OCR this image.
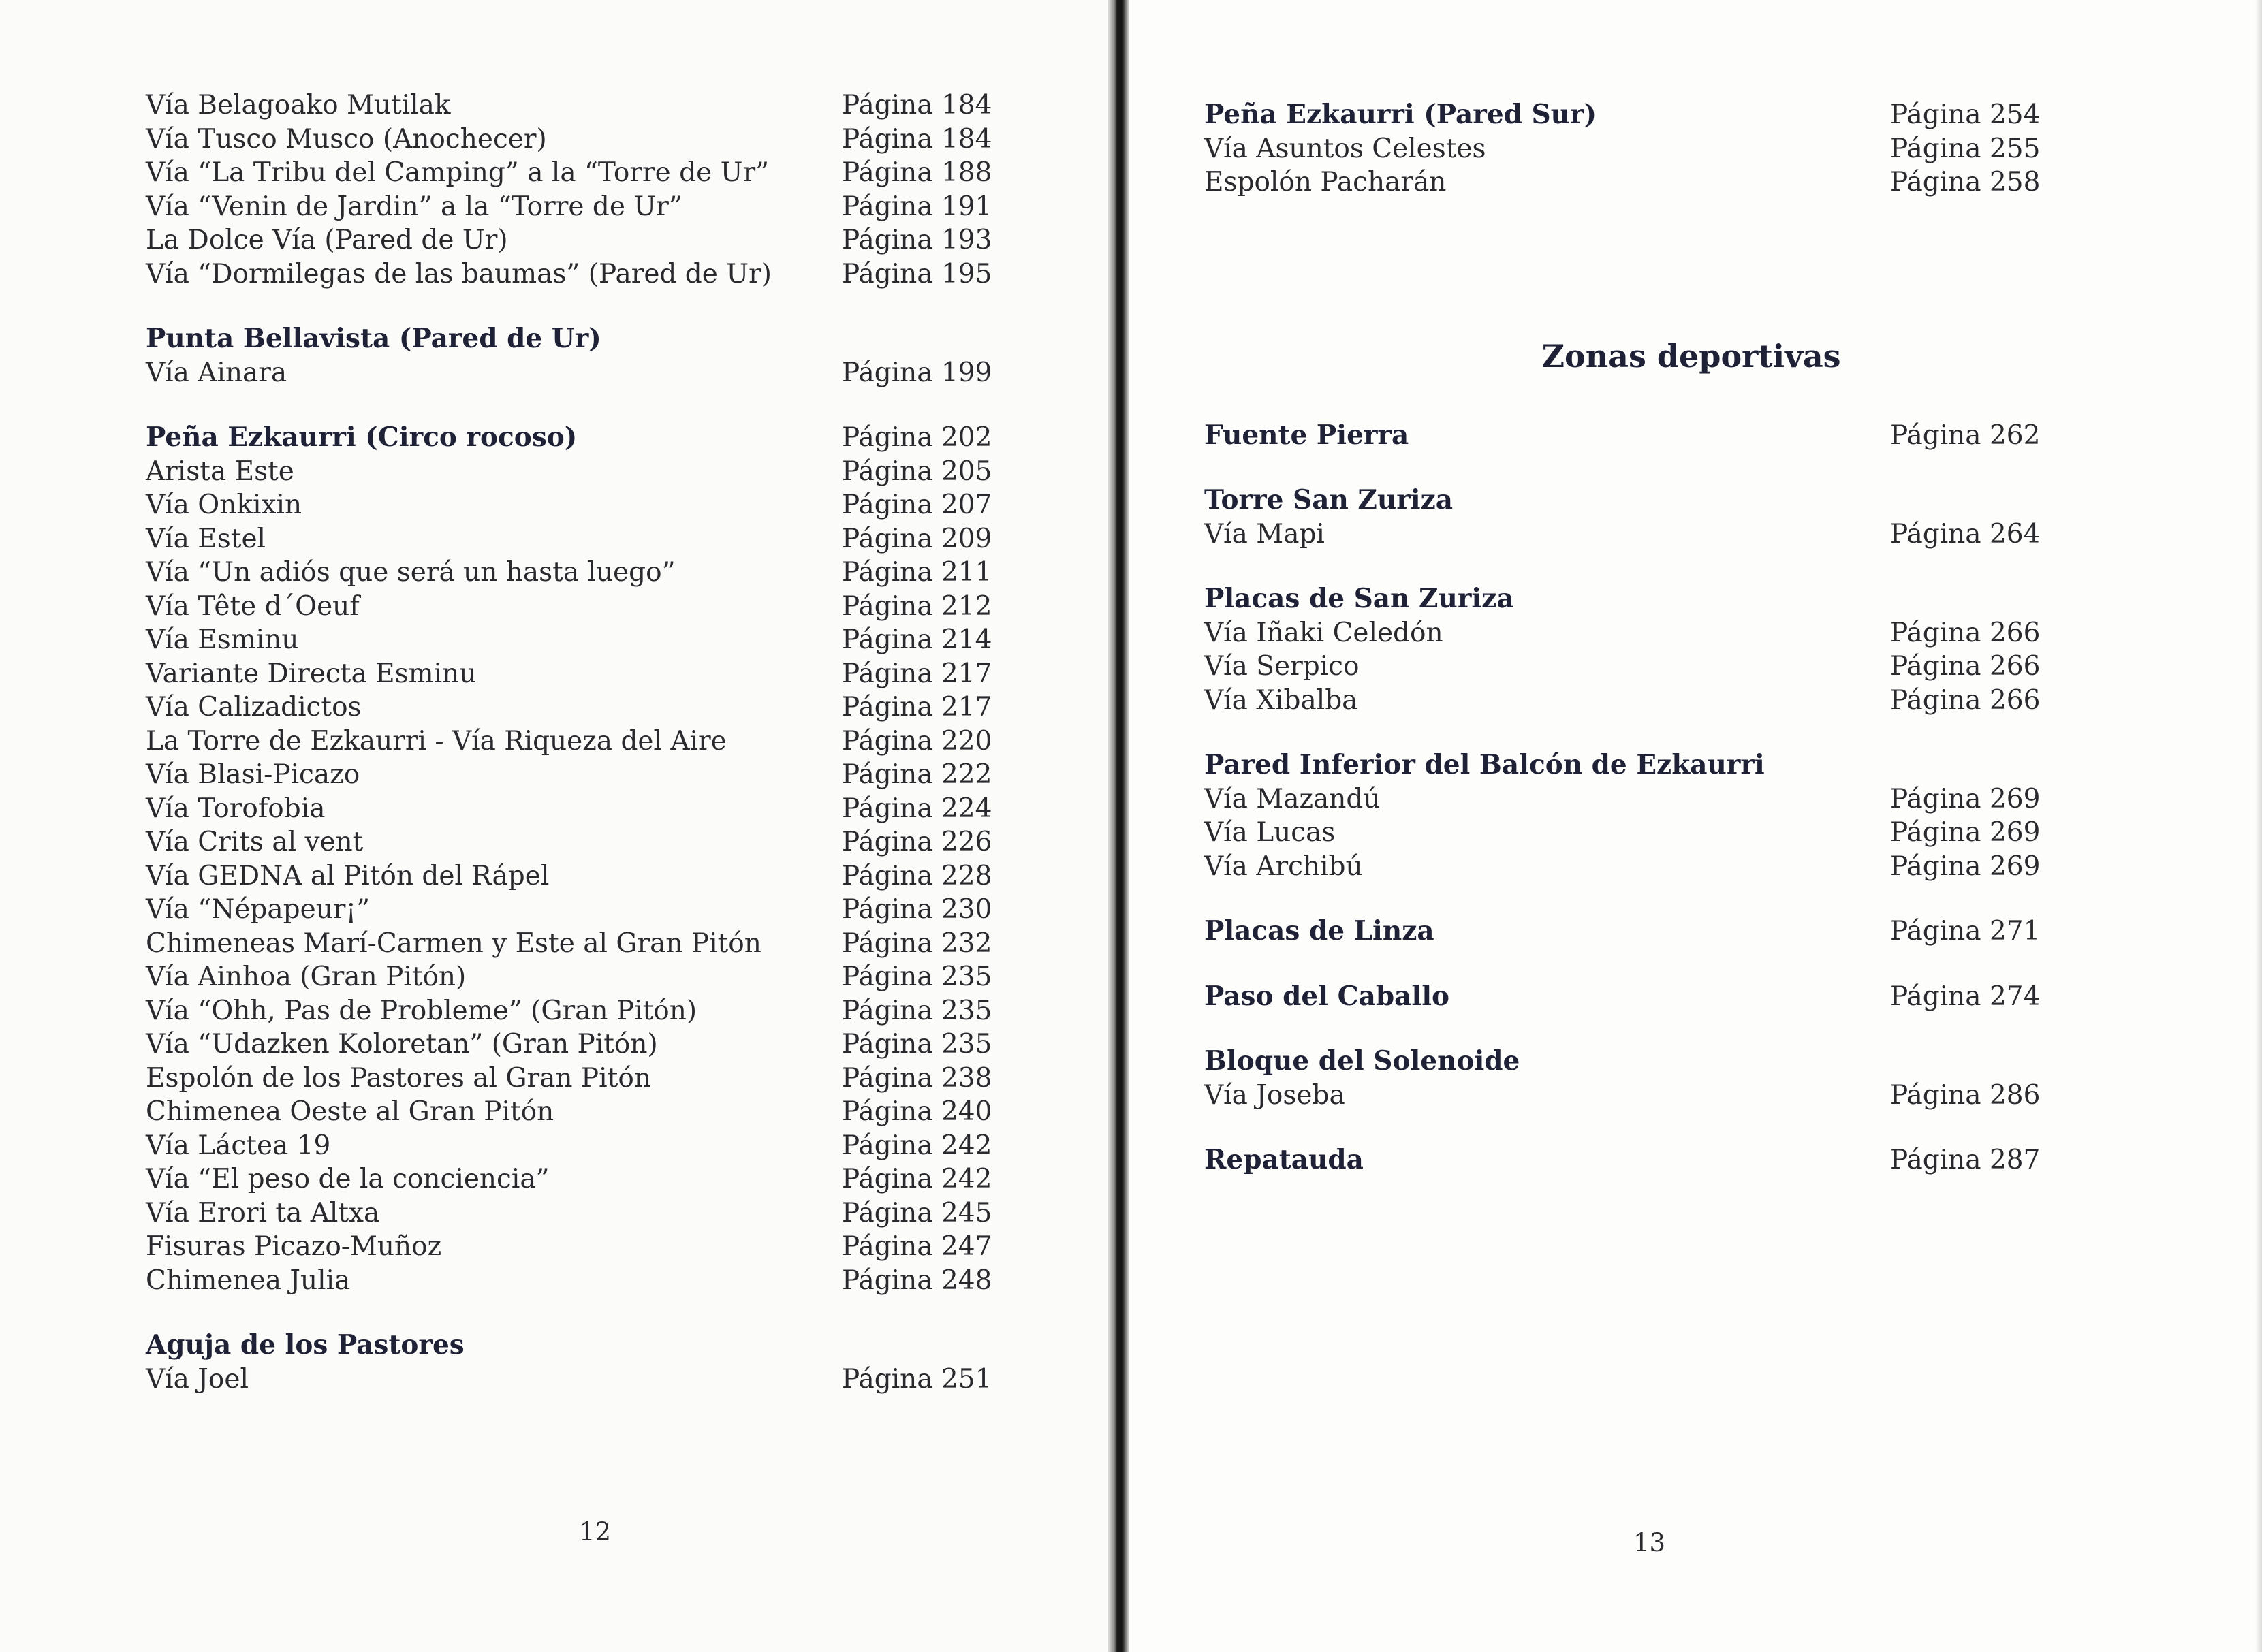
Vía Belagoako Mutilak	Página 184
Vía Tusco Musco (Anochecer)	Página 184
Vía “La Tribu del Camping” a la “Torre de Ur”	Página 188
Vía “Venin de Jardin” a la “Torre de Ur”	Página 191
La Dolce Vía (Pared de Ur)	Página 193
Vía “Dormilegas de las baumas” (Pared de Ur)	Página 195
Punta Bellavista (Pared de Ur)
Vía Ainara	Página 199
Peña Ezkaurri (Circo rocoso)	Página 202
Arista Este	Página 205
Vía Onkixin	Página 207
Vía Estel	Página 209
Vía “Un adiós que será un hasta luego”	Página 211
Vía Tête d´Oeuf	Página 212
Vía Esminu	Página 214
Variante Directa Esminu	Página 217
Vía Calizadictos	Página 217
La Torre de Ezkaurri - Vía Riqueza del Aire	Página 220
Vía Blasi-Picazo	Página 222
Vía Torofobia	Página 224
Vía Crits al vent	Página 226
Vía GEDNA al Pitón del Rápel	Página 228
Vía “Népapeur¡”	Página 230
Chimeneas Marí-Carmen y Este al Gran Pitón	Página 232
Vía Ainhoa (Gran Pitón)	Página 235
Vía “Ohh, Pas de Probleme” (Gran Pitón)	Página 235
Vía “Udazken Koloretan” (Gran Pitón)	Página 235
Espolón de los Pastores al Gran Pitón	Página 238
Chimenea Oeste al Gran Pitón	Página 240
Vía Láctea 19	Página 242
Vía “El peso de la conciencia”	Página 242
Vía Erori ta Altxa	Página 245
Fisuras Picazo-Muñoz	Página 247
Chimenea Julia	Página 248
Aguja de los Pastores
Vía Joel	Página 251
12
Peña Ezkaurri (Pared Sur)	Página 254
Vía Asuntos Celestes	Página 255
Espolón Pacharán	Página 258
Zonas deportivas
Fuente Pierra	Página 262
Torre San Zuriza
Vía Mapi	Página 264
Placas de San Zuriza
Vía Iñaki Celedón	Página 266
Vía Serpico	Página 266
Vía Xibalba	Página 266
Pared Inferior del Balcón de Ezkaurri
Vía Mazandú	Página 269
Vía Lucas	Página 269
Vía Archibú	Página 269
Placas de Linza	Página 271
Paso del Caballo	Página 274
Bloque del Solenoide
Vía Joseba	Página 286
Repatauda	Página 287
13
